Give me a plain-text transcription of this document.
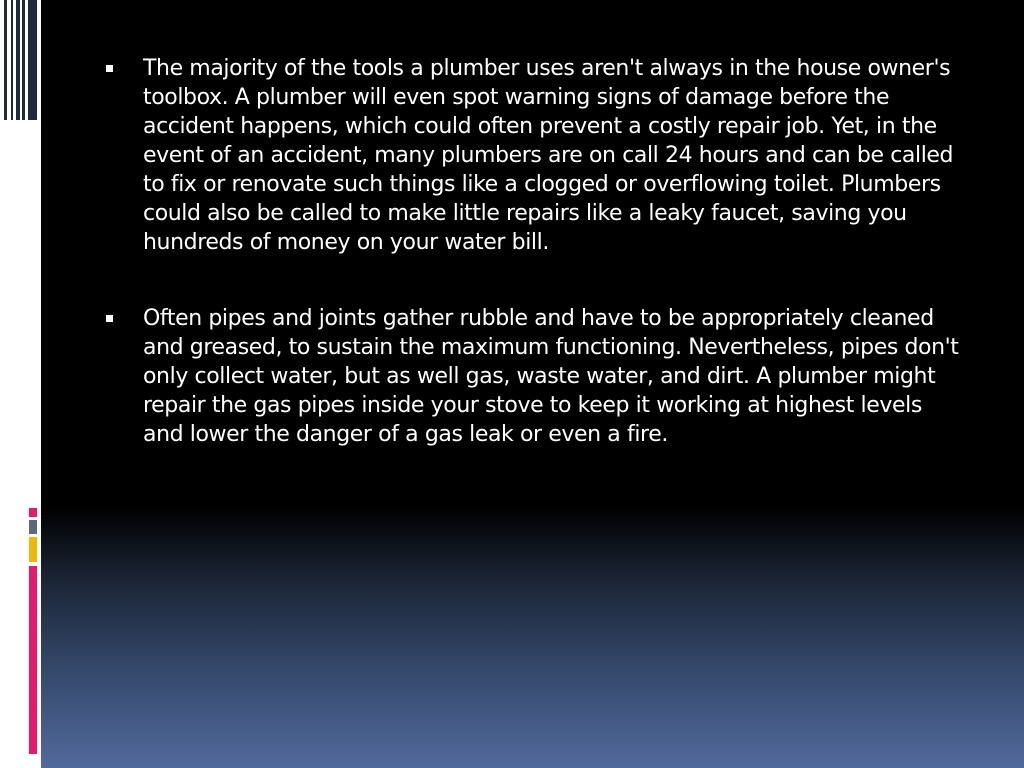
The majority of the tools a plumber uses aren't always in the house owner's toolbox. A plumber will even spot warning signs of damage before the accident happens, which could often prevent a costly repair job. Yet, in the event of an accident, many plumbers are on call 24 hours and can be called to fix or renovate such things like a clogged or overflowing toilet. Plumbers could also be called to make little repairs like a leaky faucet, saving you hundreds of money on your water bill.
Often pipes and joints gather rubble and have to be appropriately cleaned and greased, to sustain the maximum functioning. Nevertheless, pipes don't only collect water, but as well gas, waste water, and dirt. A plumber might repair the gas pipes inside your stove to keep it working at highest levels and lower the danger of a gas leak or even a fire.
